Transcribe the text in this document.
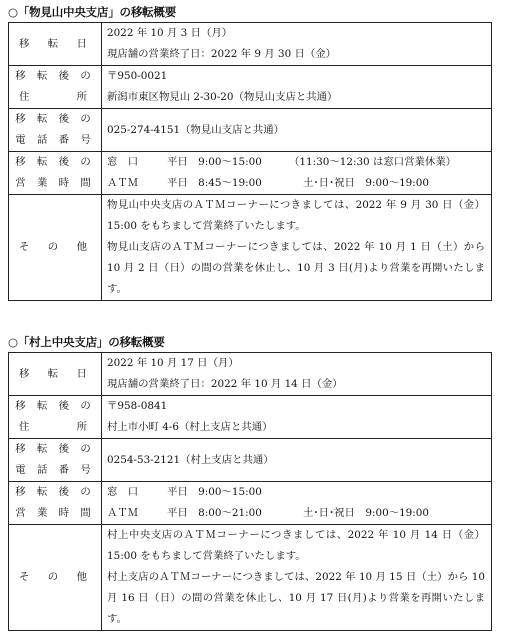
○「物見山中央支店」の移転概要
移　転　日	2022 年 10 月 3 日（月）
現店舗の営業終了日：2022 年 9 月 30 日（金）

移 転 後 の
住　　　所	〒950-0021
新潟市東区物見山 2-30-20（物見山支店と共通）

移 転 後 の
電 話 番 号	025-274-4151（物見山支店と共通）

移 転 後 の
営 業 時 間	窓　口 平日　9:00～15:00 （11:30～12:30 は窓口営業休業）
ＡＴＭ 平日　8:45～19:00 土･日･祝日　9:00～19:00

そ　の　他	物見山中央支店のＡＴＭコーナーにつきましては、2022 年 9 月 30 日（金）15:00 をもちまして営業終了いたします。
物見山支店のＡＴＭコーナーにつきましては、2022 年 10 月 1 日（土）から 10 月 2 日（日）の間の営業を休止し、10 月 3 日(月)より営業を再開いたします。
○「村上中央支店」の移転概要
移　転　日	2022 年 10 月 17 日（月）
現店舗の営業終了日：2022 年 10 月 14 日（金）

移 転 後 の
住　　　所	〒958-0841
村上市小町 4-6（村上支店と共通）

移 転 後 の
電 話 番 号	0254-53-2121（村上支店と共通）

移 転 後 の
営 業 時 間	窓　口 平日　9:00～15:00
ＡＴＭ 平日　8:00～21:00 土･日･祝日　9:00～19:00

そ　の　他	村上中央支店のＡＴＭコーナーにつきましては、2022 年 10 月 14 日（金）15:00 をもちまして営業終了いたします。
村上支店のＡＴＭコーナーにつきましては、2022 年 10 月 15 日（土）から 10 月 16 日（日）の間の営業を休止し、10 月 17 日(月)より営業を再開いたします。
